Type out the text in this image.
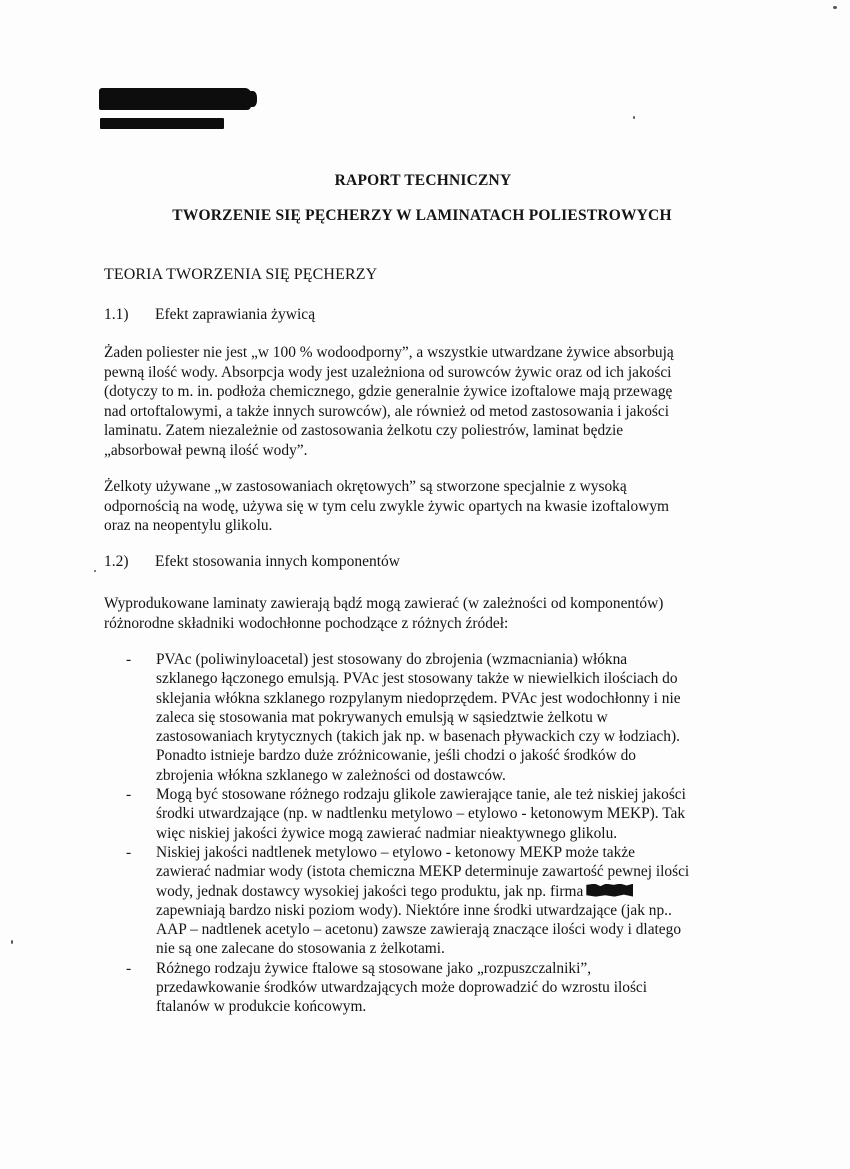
RAPORT TECHNICZNY
TWORZENIE SIĘ PĘCHERZY W LAMINATACH POLIESTROWYCH
TEORIA TWORZENIA SIĘ PĘCHERZY
1.1) Efekt zaprawiania żywicą

Żaden poliester nie jest „w 100 % wodoodporny”, a wszystkie utwardzane żywice absorbują
pewną ilość wody. Absorpcja wody jest uzależniona od surowców żywic oraz od ich jakości
(dotyczy to m. in. podłoża chemicznego, gdzie generalnie żywice izoftalowe mają przewagę
nad ortoftalowymi, a także innych surowców), ale również od metod zastosowania i jakości
laminatu. Zatem niezależnie od zastosowania żelkotu czy poliestrów, laminat będzie
„absorbował pewną ilość wody”.

Żelkoty używane „w zastosowaniach okrętowych” są stworzone specjalnie z wysoką
odpornością na wodę, używa się w tym celu zwykle żywic opartych na kwasie izoftalowym
oraz na neopentylu glikolu.

1.2) Efekt stosowania innych komponentów

Wyprodukowane laminaty zawierają bądź mogą zawierać (w zależności od komponentów)
różnorodne składniki wodochłonne pochodzące z różnych źródeł:

- PVAc (poliwinyloacetal) jest stosowany do zbrojenia (wzmacniania) włókna
szklanego łączonego emulsją. PVAc jest stosowany także w niewielkich ilościach do
sklejania włókna szklanego rozpylanym niedoprzędem. PVAc jest wodochłonny i nie
zaleca się stosowania mat pokrywanych emulsją w sąsiedztwie żelkotu w
zastosowaniach krytycznych (takich jak np. w basenach pływackich czy w łodziach).
Ponadto istnieje bardzo duże zróżnicowanie, jeśli chodzi o jakość środków do
zbrojenia włókna szklanego w zależności od dostawców.
- Mogą być stosowane różnego rodzaju glikole zawierające tanie, ale też niskiej jakości
środki utwardzające (np. w nadtlenku metylowo – etylowo - ketonowym MEKP). Tak
więc niskiej jakości żywice mogą zawierać nadmiar nieaktywnego glikolu.
- Niskiej jakości nadtlenek metylowo – etylowo - ketonowy MEKP może także
zawierać nadmiar wody (istota chemiczna MEKP determinuje zawartość pewnej ilości
wody, jednak dostawcy wysokiej jakości tego produktu, jak np. firma
zapewniają bardzo niski poziom wody). Niektóre inne środki utwardzające (jak np..
AAP – nadtlenek acetylo – acetonu) zawsze zawierają znaczące ilości wody i dlatego
nie są one zalecane do stosowania z żelkotami.
- Różnego rodzaju żywice ftalowe są stosowane jako „rozpuszczalniki”,
przedawkowanie środków utwardzających może doprowadzić do wzrostu ilości
ftalanów w produkcie końcowym.
